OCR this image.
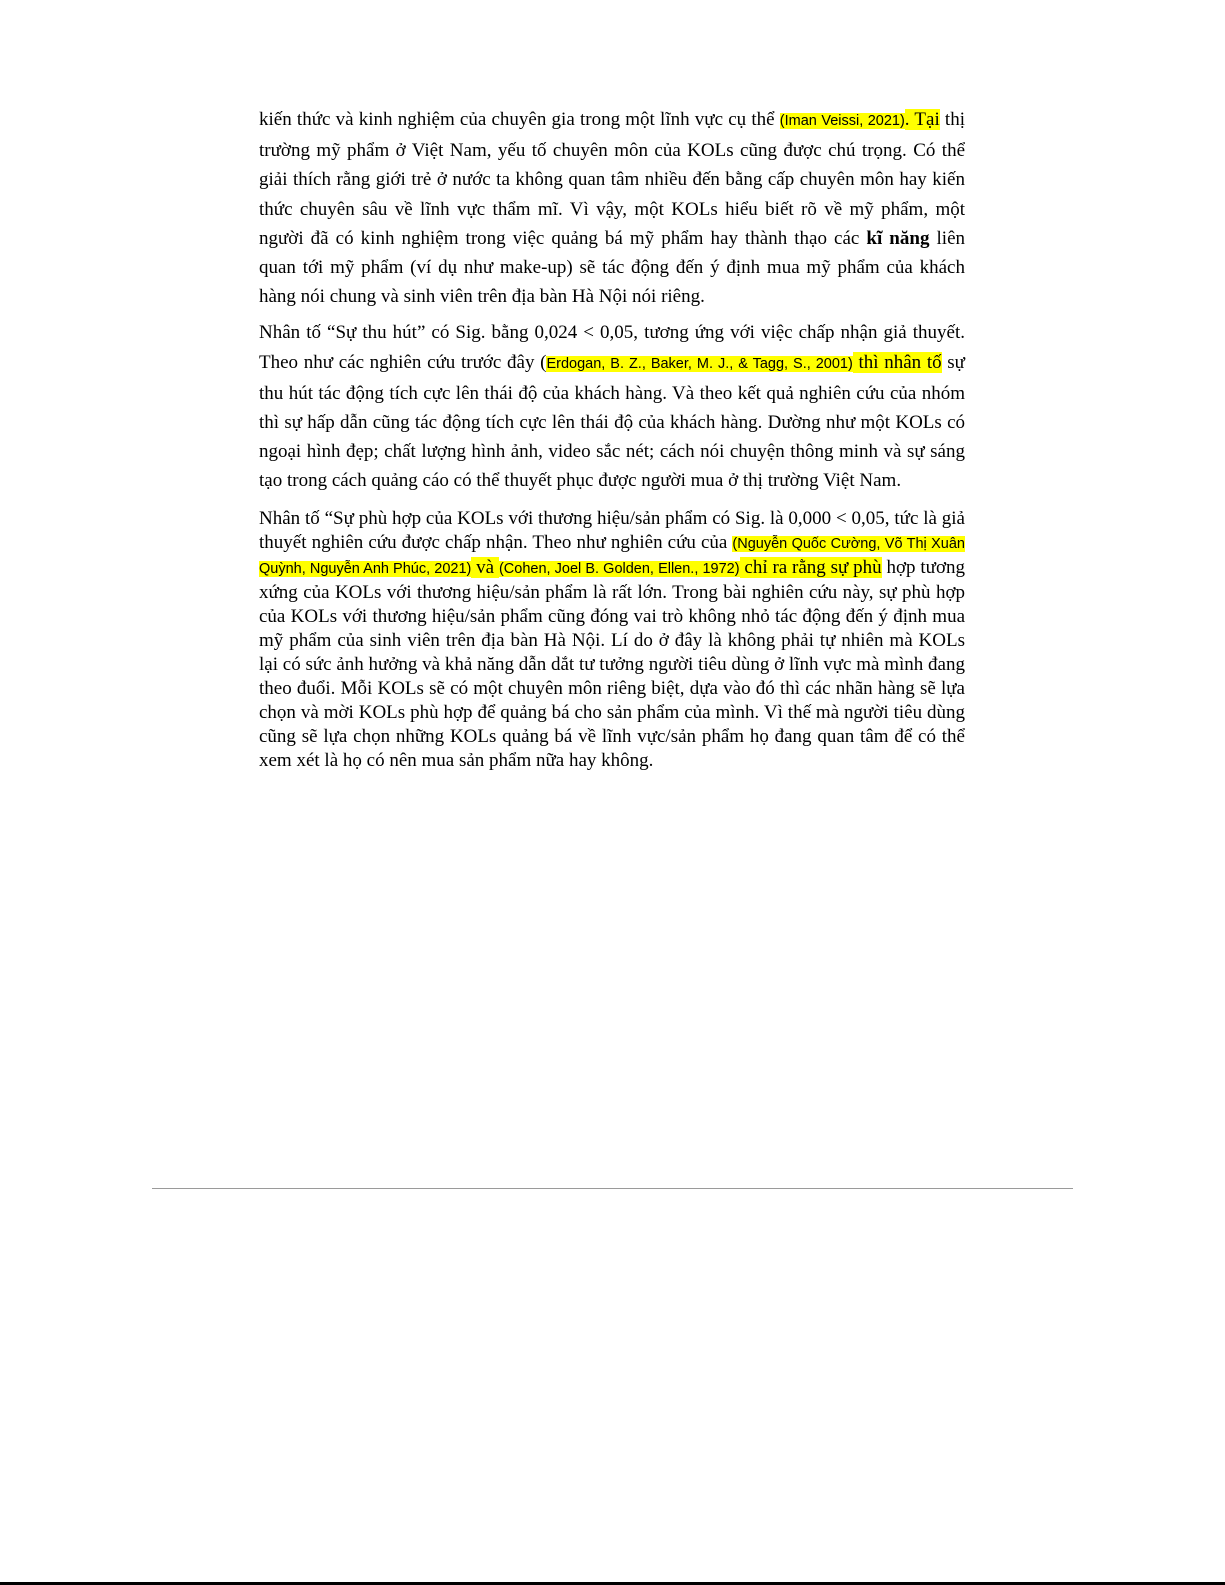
kiến thức và kinh nghiệm của chuyên gia trong một lĩnh vực cụ thể (Iman Veissi, 2021). Tại thị trường mỹ phẩm ở Việt Nam, yếu tố chuyên môn của KOLs cũng được chú trọng. Có thể giải thích rằng giới trẻ ở nước ta không quan tâm nhiều đến bằng cấp chuyên môn hay kiến thức chuyên sâu về lĩnh vực thẩm mĩ. Vì vậy, một KOLs hiểu biết rõ về mỹ phẩm, một người đã có kinh nghiệm trong việc quảng bá mỹ phẩm hay thành thạo các kĩ năng liên quan tới mỹ phẩm (ví dụ như make-up) sẽ tác động đến ý định mua mỹ phẩm của khách hàng nói chung và sinh viên trên địa bàn Hà Nội nói riêng.

Nhân tố “Sự thu hút” có Sig. bằng 0,024 < 0,05, tương ứng với việc chấp nhận giả thuyết. Theo như các nghiên cứu trước đây (Erdogan, B. Z., Baker, M. J., & Tagg, S., 2001) thì nhân tố sự thu hút tác động tích cực lên thái độ của khách hàng. Và theo kết quả nghiên cứu của nhóm thì sự hấp dẫn cũng tác động tích cực lên thái độ của khách hàng. Dường như một KOLs có ngoại hình đẹp; chất lượng hình ảnh, video sắc nét; cách nói chuyện thông minh và sự sáng tạo trong cách quảng cáo có thể thuyết phục được người mua ở thị trường Việt Nam.

Nhân tố “Sự phù hợp của KOLs với thương hiệu/sản phẩm có Sig. là 0,000 < 0,05, tức là giả thuyết nghiên cứu được chấp nhận. Theo như nghiên cứu của (Nguyễn Quốc Cường, Võ Thị Xuân Quỳnh, Nguyễn Anh Phúc, 2021) và (Cohen, Joel B. Golden, Ellen., 1972) chỉ ra rằng sự phù hợp tương xứng của KOLs với thương hiệu/sản phẩm là rất lớn. Trong bài nghiên cứu này, sự phù hợp của KOLs với thương hiệu/sản phẩm cũng đóng vai trò không nhỏ tác động đến ý định mua mỹ phẩm của sinh viên trên địa bàn Hà Nội. Lí do ở đây là không phải tự nhiên mà KOLs lại có sức ảnh hưởng và khả năng dẫn dắt tư tưởng người tiêu dùng ở lĩnh vực mà mình đang theo đuổi. Mỗi KOLs sẽ có một chuyên môn riêng biệt, dựa vào đó thì các nhãn hàng sẽ lựa chọn và mời KOLs phù hợp để quảng bá cho sản phẩm của mình. Vì thế mà người tiêu dùng cũng sẽ lựa chọn những KOLs quảng bá về lĩnh vực/sản phẩm họ đang quan tâm để có thể xem xét là họ có nên mua sản phẩm nữa hay không.
